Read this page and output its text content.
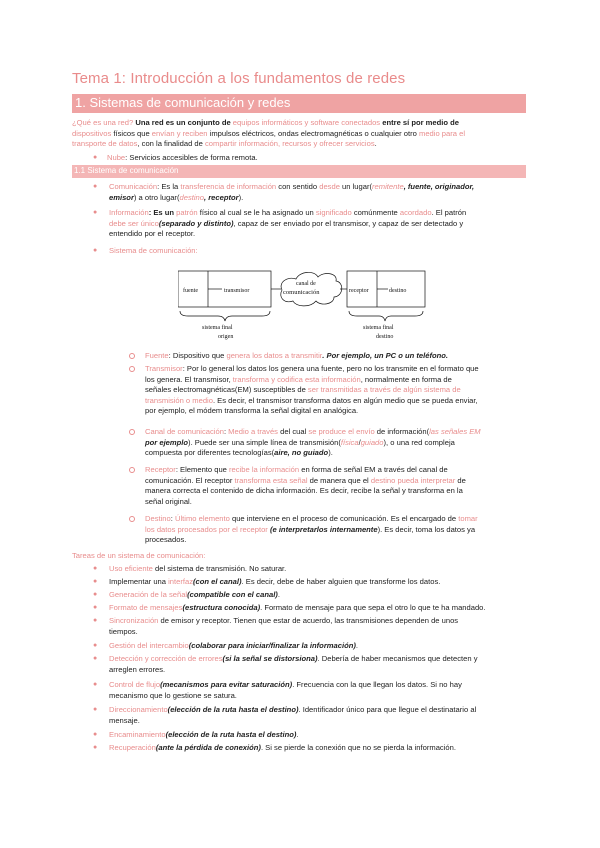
Tema 1: Introducción a los fundamentos de redes
1. Sistemas de comunicación y redes
¿Qué es una red? Una red es un conjunto de equipos informáticos y software conectados entre sí por medio de
dispositivos físicos que envían y reciben impulsos eléctricos, ondas electromagnéticas o cualquier otro medio para el
transporte de datos, con la finalidad de compartir información, recursos y ofrecer servicios.
● Nube: Servicios accesibles de forma remota.
1.1 Sistema de comunicación
● Comunicación: Es la transferencia de información con sentido desde un lugar(remitente, fuente, originador,
emisor) a otro lugar(destino, receptor).
● Información: Es un patrón físico al cual se le ha asignado un significado comúnmente acordado. El patrón
debe ser único(separado y distinto), capaz de ser enviado por el transmisor, y capaz de ser detectado y
entendido por el receptor.
● Sistema de comunicación:
fuente	transmisor
canal de
comunicación	receptor	destino
sistema final
origen
sistema final
destino
Fuente: Dispositivo que genera los datos a transmitir. Por ejemplo, un PC o un teléfono.
Transmisor: Por lo general los datos los genera una fuente, pero no los transmite en el formato que
los genera. El transmisor, transforma y codifica esta información, normalmente en forma de
señales electromagnéticas(EM) susceptibles de ser transmitidas a través de algún sistema de
transmisión o medio. Es decir, el transmisor transforma datos en algún medio que se pueda enviar,
por ejemplo, el módem transforma la señal digital en analógica.
Canal de comunicación: Medio a través del cual se produce el envío de información(las señales EM
por ejemplo). Puede ser una simple línea de transmisión(física/guiado), o una red compleja
compuesta por diferentes tecnologías(aire, no guiado).
Receptor: Elemento que recibe la información en forma de señal EM a través del canal de
comunicación. El receptor transforma esta señal de manera que el destino pueda interpretar de
manera correcta el contenido de dicha información. Es decir, recibe la señal y transforma en la
señal original.
Destino: Último elemento que interviene en el proceso de comunicación. Es el encargado de tomar
los datos procesados por el receptor (e interpretarlos internamente). Es decir, toma los datos ya
procesados.
Tareas de un sistema de comunicación:
● Uso eficiente del sistema de transmisión. No saturar.
● Implementar una interfaz(con el canal). Es decir, debe de haber alguien que transforme los datos.
● Generación de la señal(compatible con el canal).
● Formato de mensajes(estructura conocida). Formato de mensaje para que sepa el otro lo que te ha mandado.
● Sincronización de emisor y receptor. Tienen que estar de acuerdo, las transmisiones dependen de unos
tiempos.
● Gestión del intercambio(colaborar para iniciar/finalizar la información).
● Detección y corrección de errores(si la señal se distorsiona). Debería de haber mecanismos que detecten y
arreglen errores.
● Control de flujo(mecanismos para evitar saturación). Frecuencia con la que llegan los datos. Si no hay
mecanismo que lo gestione se satura.
● Direccionamiento(elección de la ruta hasta el destino). Identificador único para que llegue el destinatario al
mensaje.
● Encaminamiento(elección de la ruta hasta el destino).
● Recuperación(ante la pérdida de conexión). Si se pierde la conexión que no se pierda la información.
